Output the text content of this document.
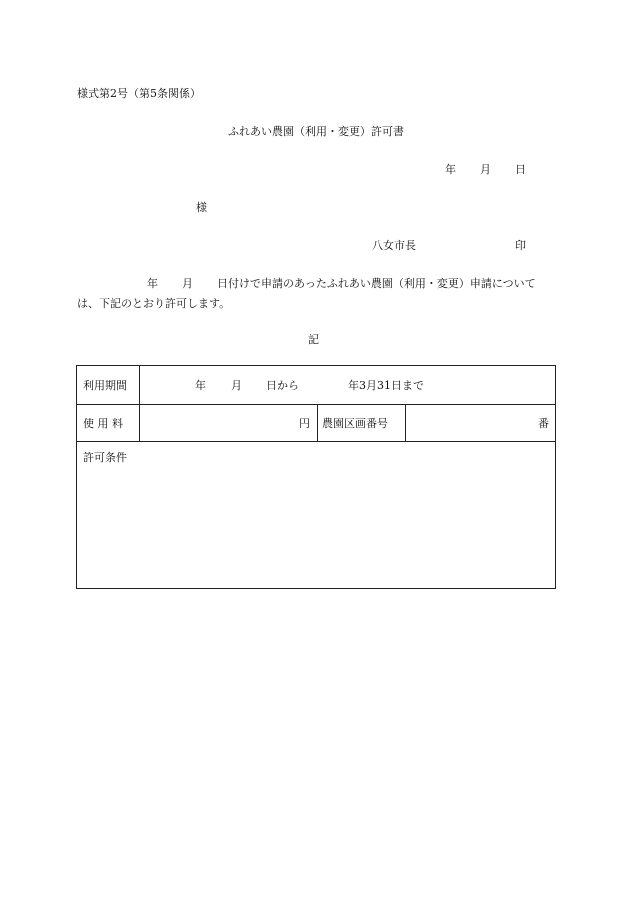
様式第2号（第5条関係）
ふれあい農園（利用・変更）許可書
年 月 日
様
八女市長	印
年 月 日付けで申請のあったふれあい農園（利用・変更）申請については、下記のとおり許可します。
記
利用期間	年 月 日から	年3月31日まで
使 用 料	円 農園区画番号	番
許可条件
